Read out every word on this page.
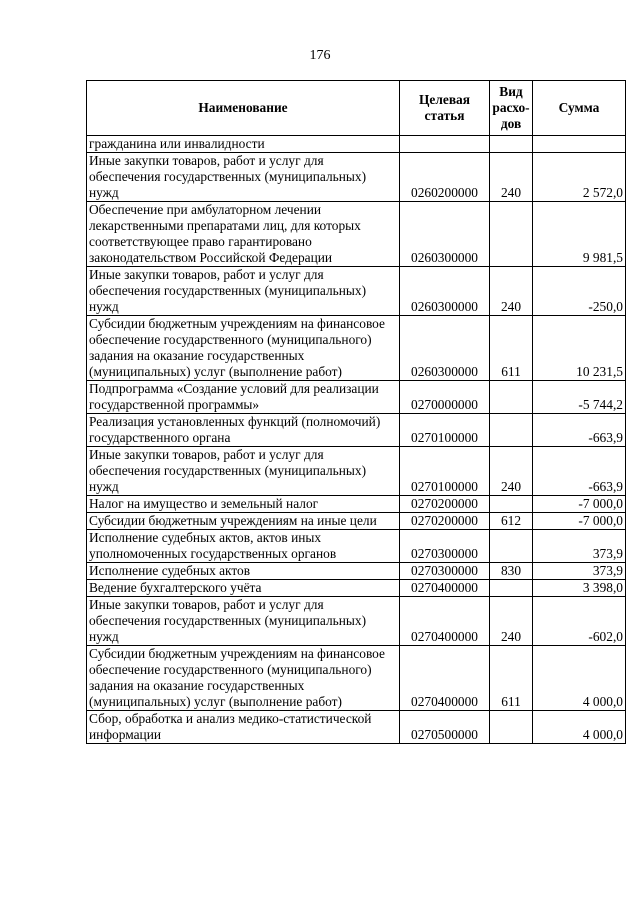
176
Наименование	Целевая статья	Вид расхо-дов	Сумма
гражданина или инвалидности			
Иные закупки товаров, работ и услуг для обеспечения государственных (муниципальных) нужд	0260200000	240	2 572,0
Обеспечение при амбулаторном лечении лекарственными препаратами лиц, для которых соответствующее право гарантировано законодательством Российской Федерации	0260300000		9 981,5
Иные закупки товаров, работ и услуг для обеспечения государственных (муниципальных) нужд	0260300000	240	-250,0
Субсидии бюджетным учреждениям на финансовое обеспечение государственного (муниципального) задания на оказание государственных (муниципальных) услуг (выполнение работ)	0260300000	611	10 231,5
Подпрограмма «Создание условий для реализации государственной программы»	0270000000		-5 744,2
Реализация установленных функций (полномочий) государственного органа	0270100000		-663,9
Иные закупки товаров, работ и услуг для обеспечения государственных (муниципальных) нужд	0270100000	240	-663,9
Налог на имущество и земельный налог	0270200000		-7 000,0
Субсидии бюджетным учреждениям на иные цели	0270200000	612	-7 000,0
Исполнение судебных актов, актов иных уполномоченных государственных органов	0270300000		373,9
Исполнение судебных актов	0270300000	830	373,9
Ведение бухгалтерского учёта	0270400000		3 398,0
Иные закупки товаров, работ и услуг для обеспечения государственных (муниципальных) нужд	0270400000	240	-602,0
Субсидии бюджетным учреждениям на финансовое обеспечение государственного (муниципального) задания на оказание государственных (муниципальных) услуг (выполнение работ)	0270400000	611	4 000,0
Сбор, обработка и анализ медико-статистической информации	0270500000		4 000,0
